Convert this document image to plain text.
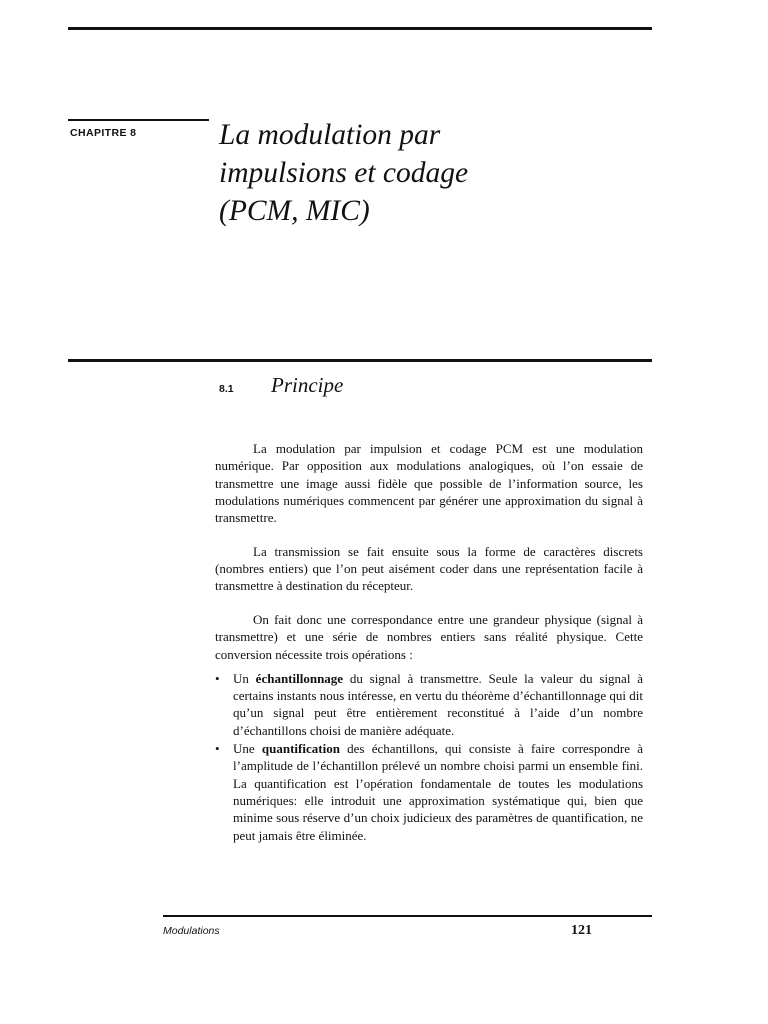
CHAPITRE 8	La modulation par
impulsions et codage
(PCM, MIC)
8.1 Principe

La modulation par impulsion et codage PCM est une modulation numérique. Par opposition aux modulations analogiques, où l’on essaie de transmettre une image aussi fidèle que possible de l’information source, les modulations numériques commencent par générer une approximation du signal à transmettre.

La transmission se fait ensuite sous la forme de caractères discrets (nombres entiers) que l’on peut aisément coder dans une représentation facile à transmettre à destination du récepteur.

On fait donc une correspondance entre une grandeur physique (signal à transmettre) et une série de nombres entiers sans réalité physique. Cette conversion nécessite trois opérations :

• Un échantillonnage du signal à transmettre. Seule la valeur du signal à certains instants nous intéresse, en vertu du théorème d’échantillonnage qui dit qu’un signal peut être entièrement reconstitué à l’aide d’un nombre d’échantillons choisi de manière adéquate.
• Une quantification des échantillons, qui consiste à faire correspondre à l’amplitude de l’échantillon prélevé un nombre choisi parmi un ensemble fini. La quantification est l’opération fondamentale de toutes les modulations numériques: elle introduit une approximation systématique qui, bien que minime sous réserve d’un choix judicieux des paramètres de quantification, ne peut jamais être éliminée.
Modulations	121
